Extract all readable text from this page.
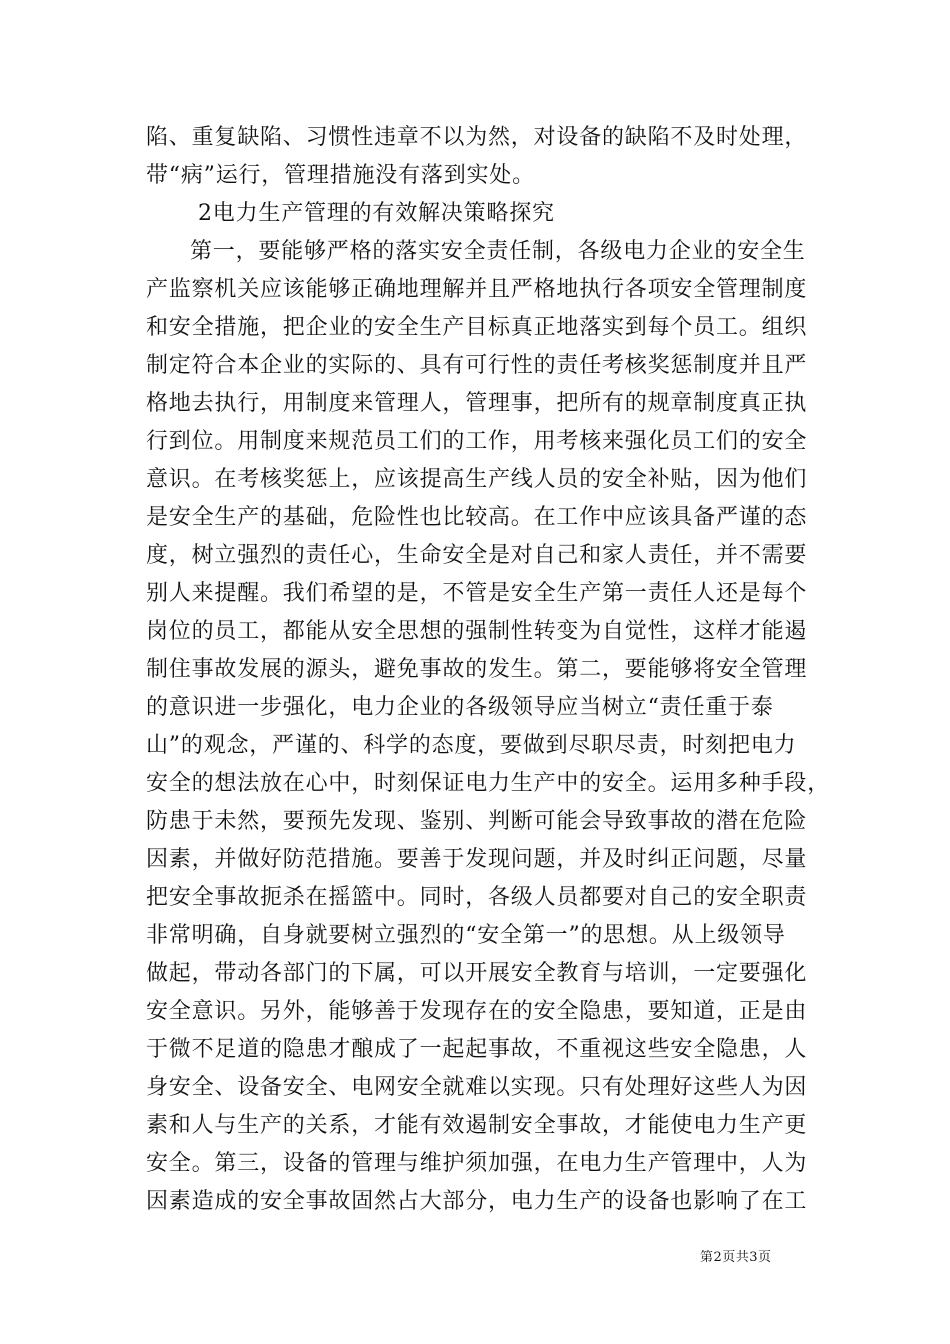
陷、重复缺陷、习惯性违章不以为然，对设备的缺陷不及时处理，
带“病”运行，管理措施没有落到实处。
2电力生产管理的有效解决策略探究
第一，要能够严格的落实安全责任制，各级电力企业的安全生
产监察机关应该能够正确地理解并且严格地执行各项安全管理制度
和安全措施，把企业的安全生产目标真正地落实到每个员工。组织
制定符合本企业的实际的、具有可行性的责任考核奖惩制度并且严
格地去执行，用制度来管理人，管理事，把所有的规章制度真正执
行到位。用制度来规范员工们的工作，用考核来强化员工们的安全
意识。在考核奖惩上，应该提高生产线人员的安全补贴，因为他们
是安全生产的基础，危险性也比较高。在工作中应该具备严谨的态
度，树立强烈的责任心，生命安全是对自己和家人责任，并不需要
别人来提醒。我们希望的是，不管是安全生产第一责任人还是每个
岗位的员工，都能从安全思想的强制性转变为自觉性，这样才能遏
制住事故发展的源头，避免事故的发生。第二，要能够将安全管理
的意识进一步强化，电力企业的各级领导应当树立“责任重于泰
山”的观念，严谨的、科学的态度，要做到尽职尽责，时刻把电力
安全的想法放在心中，时刻保证电力生产中的安全。运用多种手段，
防患于未然，要预先发现、鉴别、判断可能会导致事故的潜在危险
因素，并做好防范措施。要善于发现问题，并及时纠正问题，尽量
把安全事故扼杀在摇篮中。同时，各级人员都要对自己的安全职责
非常明确，自身就要树立强烈的“安全第一”的思想。从上级领导
做起，带动各部门的下属，可以开展安全教育与培训，一定要强化
安全意识。另外，能够善于发现存在的安全隐患，要知道，正是由
于微不足道的隐患才酿成了一起起事故，不重视这些安全隐患，人
身安全、设备安全、电网安全就难以实现。只有处理好这些人为因
素和人与生产的关系，才能有效遏制安全事故，才能使电力生产更
安全。第三，设备的管理与维护须加强，在电力生产管理中，人为
因素造成的安全事故固然占大部分，电力生产的设备也影响了在工
第2页共3页
